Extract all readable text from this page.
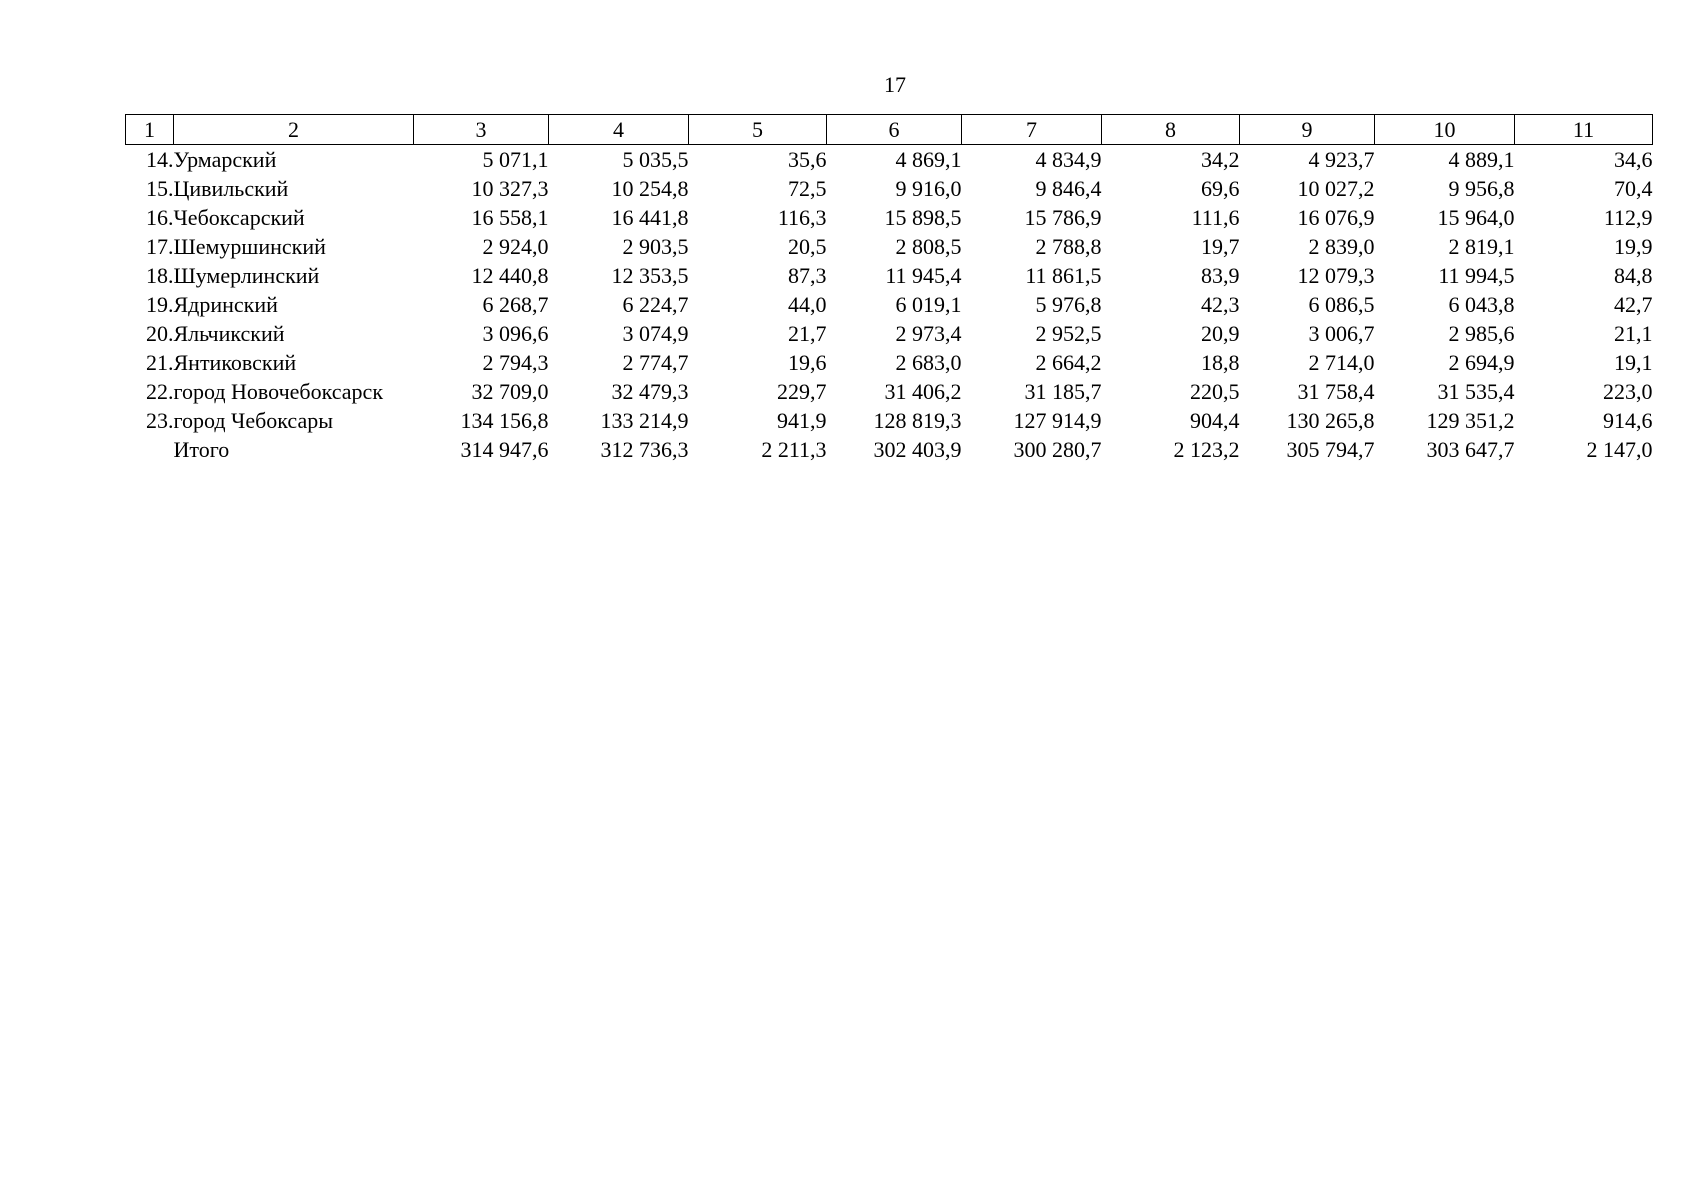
17
1	2	3	4	5	6	7	8	9	10	11
14.	Урмарский	5 071,1	5 035,5	35,6	4 869,1	4 834,9	34,2	4 923,7	4 889,1	34,6
15.	Цивильский	10 327,3	10 254,8	72,5	9 916,0	9 846,4	69,6	10 027,2	9 956,8	70,4
16.	Чебоксарский	16 558,1	16 441,8	116,3	15 898,5	15 786,9	111,6	16 076,9	15 964,0	112,9
17.	Шемуршинский	2 924,0	2 903,5	20,5	2 808,5	2 788,8	19,7	2 839,0	2 819,1	19,9
18.	Шумерлинский	12 440,8	12 353,5	87,3	11 945,4	11 861,5	83,9	12 079,3	11 994,5	84,8
19.	Ядринский	6 268,7	6 224,7	44,0	6 019,1	5 976,8	42,3	6 086,5	6 043,8	42,7
20.	Яльчикский	3 096,6	3 074,9	21,7	2 973,4	2 952,5	20,9	3 006,7	2 985,6	21,1
21.	Янтиковский	2 794,3	2 774,7	19,6	2 683,0	2 664,2	18,8	2 714,0	2 694,9	19,1
22.	город Новочебоксарск	32 709,0	32 479,3	229,7	31 406,2	31 185,7	220,5	31 758,4	31 535,4	223,0
23.	город Чебоксары	134 156,8	133 214,9	941,9	128 819,3	127 914,9	904,4	130 265,8	129 351,2	914,6
	Итого	314 947,6	312 736,3	2 211,3	302 403,9	300 280,7	2 123,2	305 794,7	303 647,7	2 147,0
